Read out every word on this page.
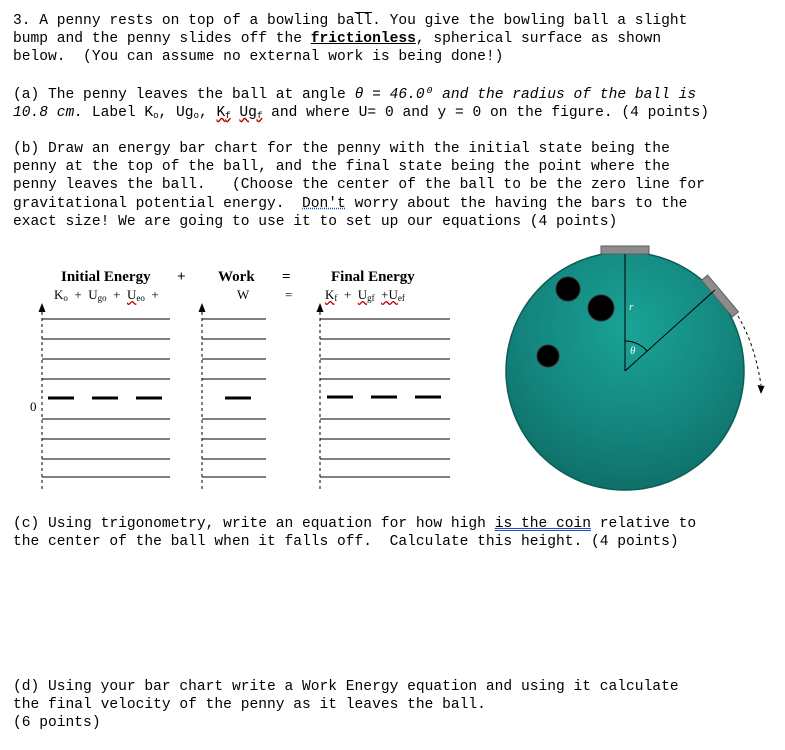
3. A penny rests on top of a bowling $ba\overline{ll}$. You give the bowling ball a slight
bump and the penny slides off the frictionless, spherical surface as shown
below.  (You can assume no external work is being done!)
(a) The penny leaves the ball at angle θ = 46.0⁰ and the radius of the ball is
10.8 cm. Label $K_o$, $Ug_o$, $K_f$ $Ug_f$ and where U= 0 and y = 0 on the figure. (4 points)
(b) Draw an energy bar chart for the penny with the initial state being the
penny at the top of the ball, and the final state being the point where the
penny leaves the ball.   (Choose the center of the ball to be the zero line for
gravitational potential energy.  Don't worry about the having the bars to the
exact size! We are going to use it to set up our equations (4 points)
Initial Energy + Work =	Final Energy
$K_o + U_{go} + U_{eo}$ +	W	=	$K_f + U_{gf} +U_{ef}$
0
r
θ
(c) Using trigonometry, write an equation for how high is the coin relative to
the center of the ball when it falls off.  Calculate this height. (4 points)
(d) Using your bar chart write a Work Energy equation and using it calculate
the final velocity of the penny as it leaves the ball.
(6 points)
